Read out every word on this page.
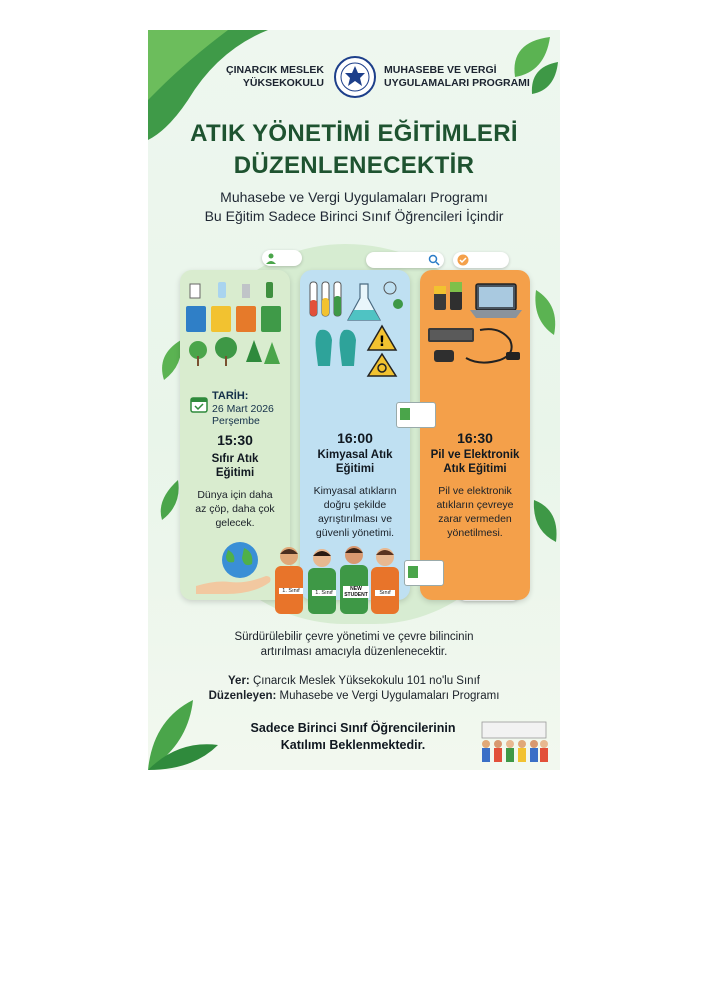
ÇINARCIK MESLEK
YÜKSEKOKULU
MUHASEBE VE VERGİ
UYGULAMALARI PROGRAMI
ATIK YÖNETİMİ EĞİTİMLERİ
DÜZENLENECEKTİR
Muhasebe ve Vergi Uygulamaları Programı
Bu Eğitim Sadece Birinci Sınıf Öğrencileri İçindir
TARİH:
26 Mart 2026
Perşembe
15:30
Sıfır Atık
Eğitimi
Dünya için daha
az çöp, daha çok
gelecek.
!
16:00
Kimyasal Atık
Eğitimi
Kimyasal atıkların
doğru şekilde
ayrıştırılması ve
güvenli yönetimi.
16:30
Pil ve Elektronik
Atık Eğitimi
Pil ve elektronik
atıkların çevreye
zarar vermeden
yönetilmesi.
1. Sınıf	1. Sınıf
NEW STUDENT	Sınıf
Sürdürülebilir çevre yönetimi ve çevre bilincinin
artırılması amacıyla düzenlenecektir.
Yer: Çınarcık Meslek Yüksekokulu 101 no'lu Sınıf
Düzenleyen: Muhasebe ve Vergi Uygulamaları Programı
Sadece Birinci Sınıf Öğrencilerinin
Katılımı Beklenmektedir.
